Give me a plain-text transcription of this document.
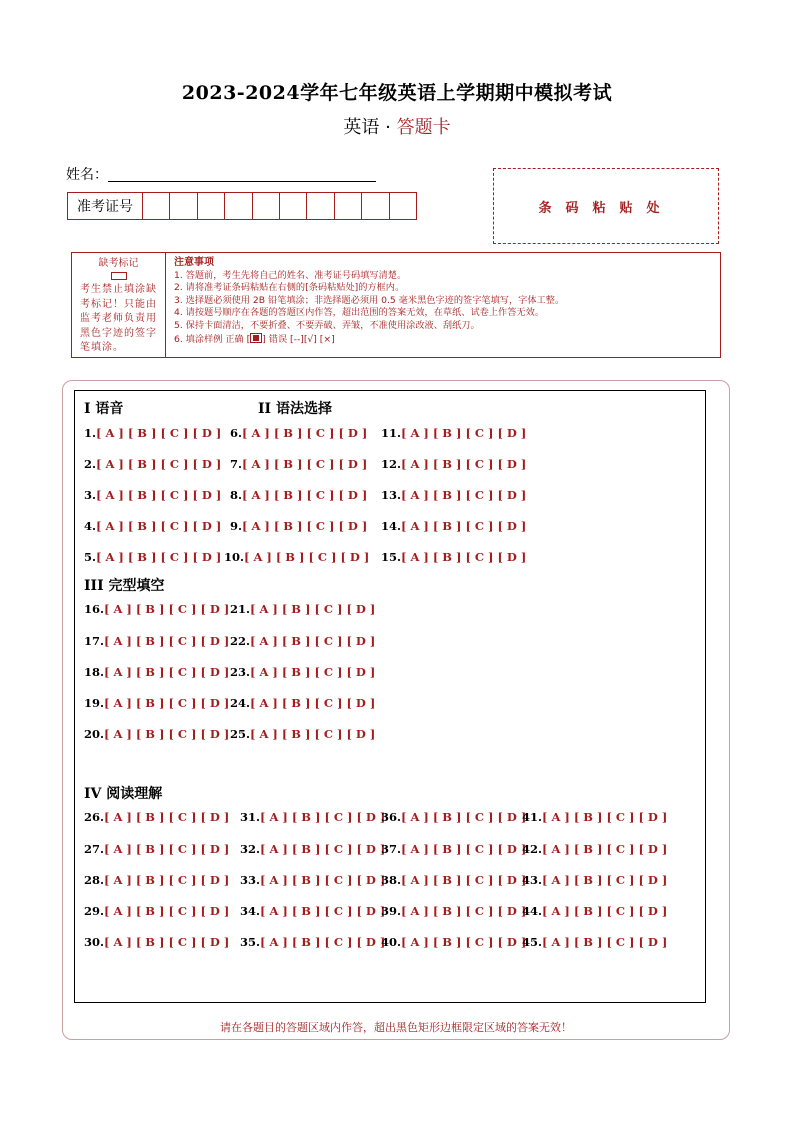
2023-2024学年七年级英语上学期期中模拟考试
英语 · 答题卡
姓名：
准考证号	条码粘贴处
缺考标记
考生禁止填涂缺考标记！只能由监考老师负责用黑色字迹的签字笔填涂。
注意事项
1. 答题前，考生先将自己的姓名、准考证号码填写清楚。
2. 请将准考证条码粘贴在右侧的[条码粘贴处]的方框内。
3. 选择题必须使用 2B 铅笔填涂；非选择题必须用 0.5 毫米黑色字迹的签字笔填写，字体工整。
4. 请按题号顺序在各题的答题区内作答，超出范围的答案无效，在草纸、试卷上作答无效。
5. 保持卡面清洁，不要折叠、不要弄破、弄皱，不准使用涂改液、刮纸刀。
6. 填涂样例 正确 [ ] 错误 [--][√] [×]
I 语音	II 语法选择
III 完型填空
IV 阅读理解
1.[ A ] [ B ] [ C ] [ D ]
2.[ A ] [ B ] [ C ] [ D ]
3.[ A ] [ B ] [ C ] [ D ]
4.[ A ] [ B ] [ C ] [ D ]
5.[ A ] [ B ] [ C ] [ D ]
6.[ A ] [ B ] [ C ] [ D ]
7.[ A ] [ B ] [ C ] [ D ]
8.[ A ] [ B ] [ C ] [ D ]
9.[ A ] [ B ] [ C ] [ D ]
10.[ A ] [ B ] [ C ] [ D ]
11.[ A ] [ B ] [ C ] [ D ]
12.[ A ] [ B ] [ C ] [ D ]
13.[ A ] [ B ] [ C ] [ D ]
14.[ A ] [ B ] [ C ] [ D ]
15.[ A ] [ B ] [ C ] [ D ]
16.[ A ] [ B ] [ C ] [ D ]
17.[ A ] [ B ] [ C ] [ D ]
18.[ A ] [ B ] [ C ] [ D ]
19.[ A ] [ B ] [ C ] [ D ]
20.[ A ] [ B ] [ C ] [ D ]
21.[ A ] [ B ] [ C ] [ D ]
22.[ A ] [ B ] [ C ] [ D ]
23.[ A ] [ B ] [ C ] [ D ]
24.[ A ] [ B ] [ C ] [ D ]
25.[ A ] [ B ] [ C ] [ D ]
26.[ A ] [ B ] [ C ] [ D ]
27.[ A ] [ B ] [ C ] [ D ]
28.[ A ] [ B ] [ C ] [ D ]
29.[ A ] [ B ] [ C ] [ D ]
30.[ A ] [ B ] [ C ] [ D ]
31.[ A ] [ B ] [ C ] [ D ]
32.[ A ] [ B ] [ C ] [ D ]
33.[ A ] [ B ] [ C ] [ D ]
34.[ A ] [ B ] [ C ] [ D ]
35.[ A ] [ B ] [ C ] [ D ]
36.[ A ] [ B ] [ C ] [ D ]
37.[ A ] [ B ] [ C ] [ D ]
38.[ A ] [ B ] [ C ] [ D ]
39.[ A ] [ B ] [ C ] [ D ]
40.[ A ] [ B ] [ C ] [ D ]
41.[ A ] [ B ] [ C ] [ D ]
42.[ A ] [ B ] [ C ] [ D ]
43.[ A ] [ B ] [ C ] [ D ]
44.[ A ] [ B ] [ C ] [ D ]
45.[ A ] [ B ] [ C ] [ D ]
请在各题目的答题区域内作答，超出黑色矩形边框限定区域的答案无效！
